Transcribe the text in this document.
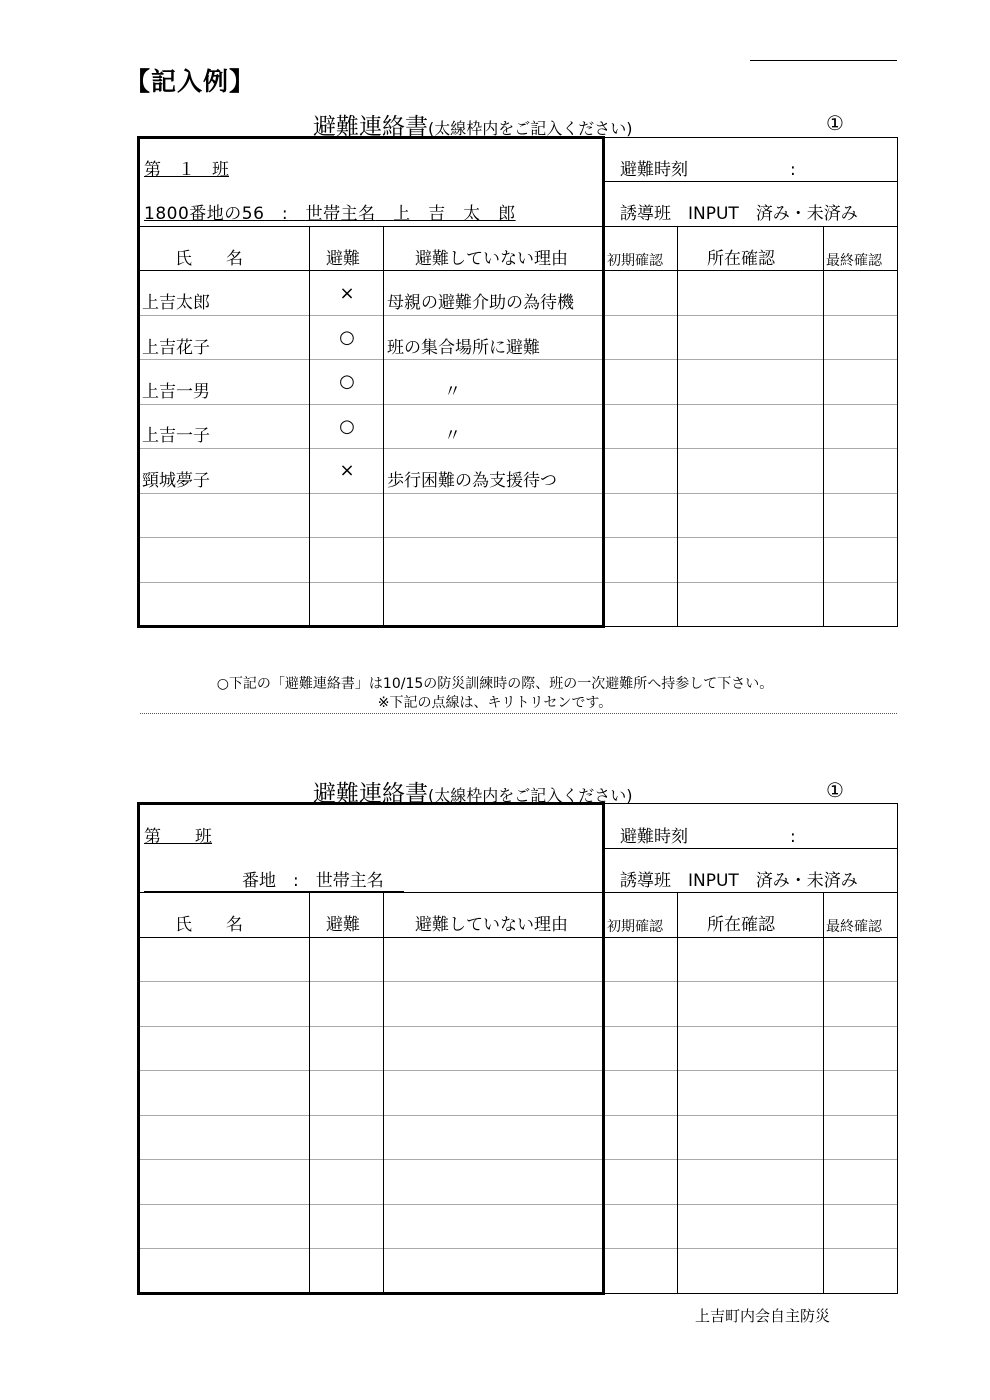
【記入例】
避難連絡書(太線枠内をご記入ください)	①
第　１　班	避難時刻	:
1800番地の56　 :　 世帯主名　 上　吉　太　郎	誘導班　 INPUT　 済み・未済み
氏　　名	避難	避難していない理由	初期確認	所在確認	最終確認
上吉太郎	×	母親の避難介助の為待機
上吉花子	○	班の集合場所に避難
上吉一男	○	〃
上吉一子	○	〃
頸城夢子	×	歩行困難の為支援待つ
○下記の「避難連絡書」は10/15の防災訓練時の際、班の一次避難所へ持参して下さい。
※下記の点線は、キリトリセンです。
避難連絡書(太線枠内をご記入ください)	①
第　　班	避難時刻	:
番地　 :　 世帯主名	誘導班　 INPUT　 済み・未済み
氏　　名	避難	避難していない理由	初期確認	所在確認	最終確認
上吉町内会自主防災
